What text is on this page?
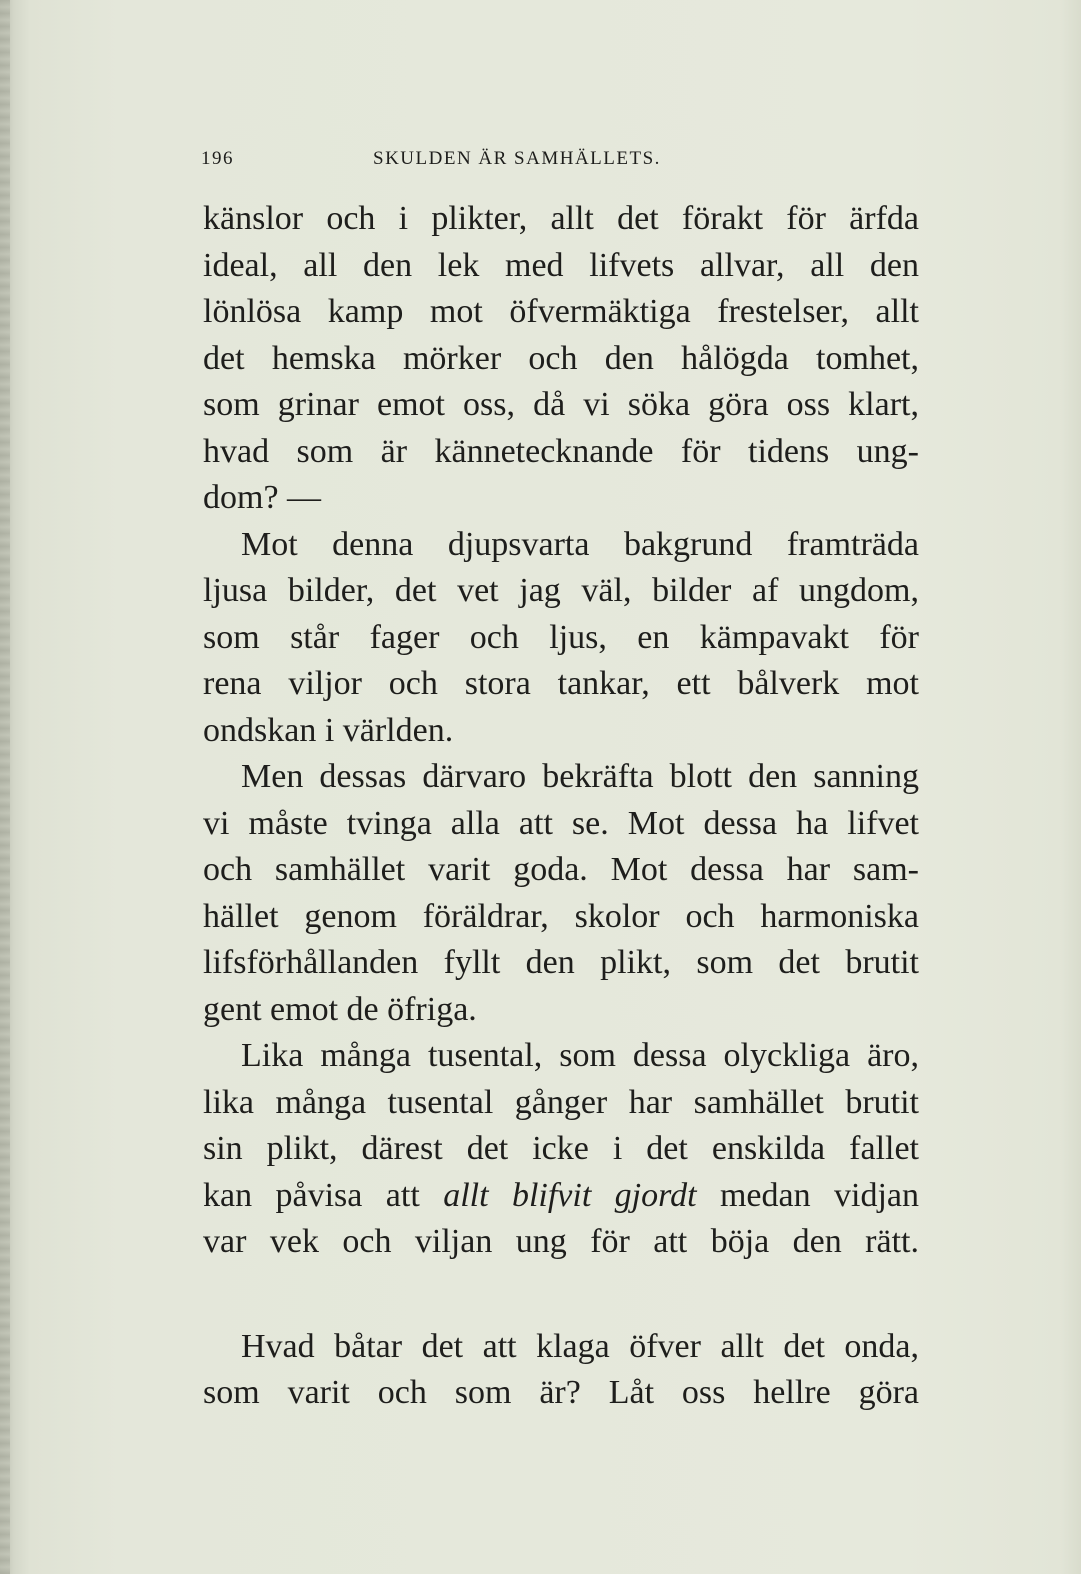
196	SKULDEN ÄR SAMHÄLLETS.
känslor och i plikter, allt det förakt för ärfda
ideal, all den lek med lifvets allvar, all den
lönlösa kamp mot öfvermäktiga frestelser, allt
det hemska mörker och den hålögda tomhet,
som grinar emot oss, då vi söka göra oss klart,
hvad som är kännetecknande för tidens ung-
dom? —
Mot denna djupsvarta bakgrund framträda
ljusa bilder, det vet jag väl, bilder af ungdom,
som står fager och ljus, en kämpavakt för
rena viljor och stora tankar, ett bålverk mot
ondskan i världen.
Men dessas därvaro bekräfta blott den sanning
vi måste tvinga alla att se. Mot dessa ha lifvet
och samhället varit goda. Mot dessa har sam-
hället genom föräldrar, skolor och harmoniska
lifsförhållanden fyllt den plikt, som det brutit
gent emot de öfriga.
Lika många tusental, som dessa olyckliga äro,
lika många tusental gånger har samhället brutit
sin plikt, därest det icke i det enskilda fallet
kan påvisa att allt blifvit gjordt medan vidjan
var vek och viljan ung för att böja den rätt.
Hvad båtar det att klaga öfver allt det onda,
som varit och som är? Låt oss hellre göra
